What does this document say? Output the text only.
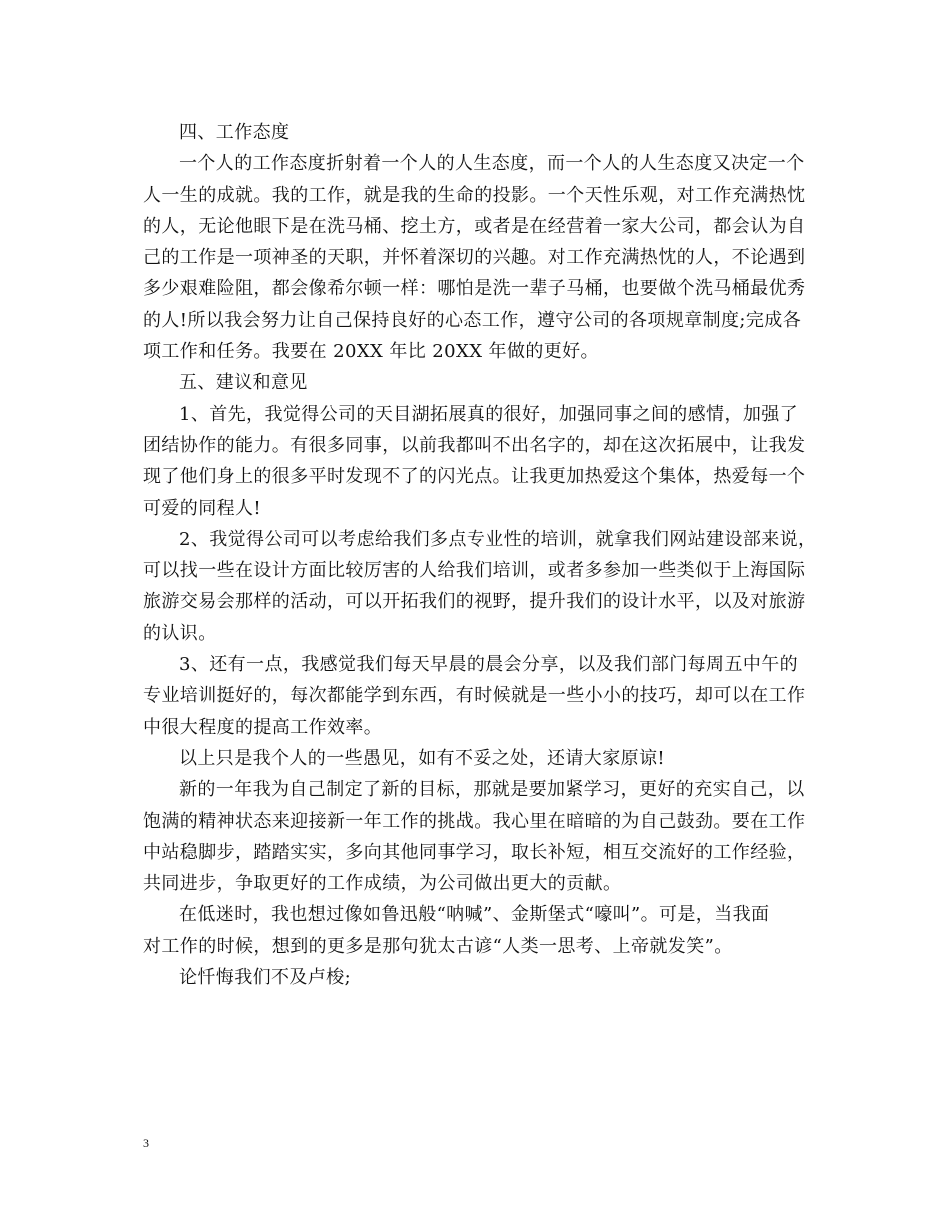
四、工作态度
一个人的工作态度折射着一个人的人生态度，而一个人的人生态度又决定一个
人一生的成就。我的工作，就是我的生命的投影。一个天性乐观，对工作充满热忱
的人，无论他眼下是在洗马桶、挖土方，或者是在经营着一家大公司，都会认为自
己的工作是一项神圣的天职，并怀着深切的兴趣。对工作充满热忱的人，不论遇到
多少艰难险阻，都会像希尔顿一样：哪怕是洗一辈子马桶，也要做个洗马桶最优秀
的人!所以我会努力让自己保持良好的心态工作，遵守公司的各项规章制度;完成各
项工作和任务。我要在 20XX 年比 20XX 年做的更好。
五、建议和意见
1、首先，我觉得公司的天目湖拓展真的很好，加强同事之间的感情，加强了
团结协作的能力。有很多同事，以前我都叫不出名字的，却在这次拓展中，让我发
现了他们身上的很多平时发现不了的闪光点。让我更加热爱这个集体，热爱每一个
可爱的同程人!
2、我觉得公司可以考虑给我们多点专业性的培训，就拿我们网站建设部来说，
可以找一些在设计方面比较厉害的人给我们培训，或者多参加一些类似于上海国际
旅游交易会那样的活动，可以开拓我们的视野，提升我们的设计水平，以及对旅游
的认识。
3、还有一点，我感觉我们每天早晨的晨会分享，以及我们部门每周五中午的
专业培训挺好的，每次都能学到东西，有时候就是一些小小的技巧，却可以在工作
中很大程度的提高工作效率。
以上只是我个人的一些愚见，如有不妥之处，还请大家原谅!
新的一年我为自己制定了新的目标，那就是要加紧学习，更好的充实自己，以
饱满的精神状态来迎接新一年工作的挑战。我心里在暗暗的为自己鼓劲。要在工作
中站稳脚步，踏踏实实，多向其他同事学习，取长补短，相互交流好的工作经验，
共同进步，争取更好的工作成绩，为公司做出更大的贡献。
在低迷时，我也想过像如鲁迅般“呐喊”、金斯堡式“嚎叫”。可是，当我面
对工作的时候，想到的更多是那句犹太古谚“人类一思考、上帝就发笑”。
论忏悔我们不及卢梭;
3
